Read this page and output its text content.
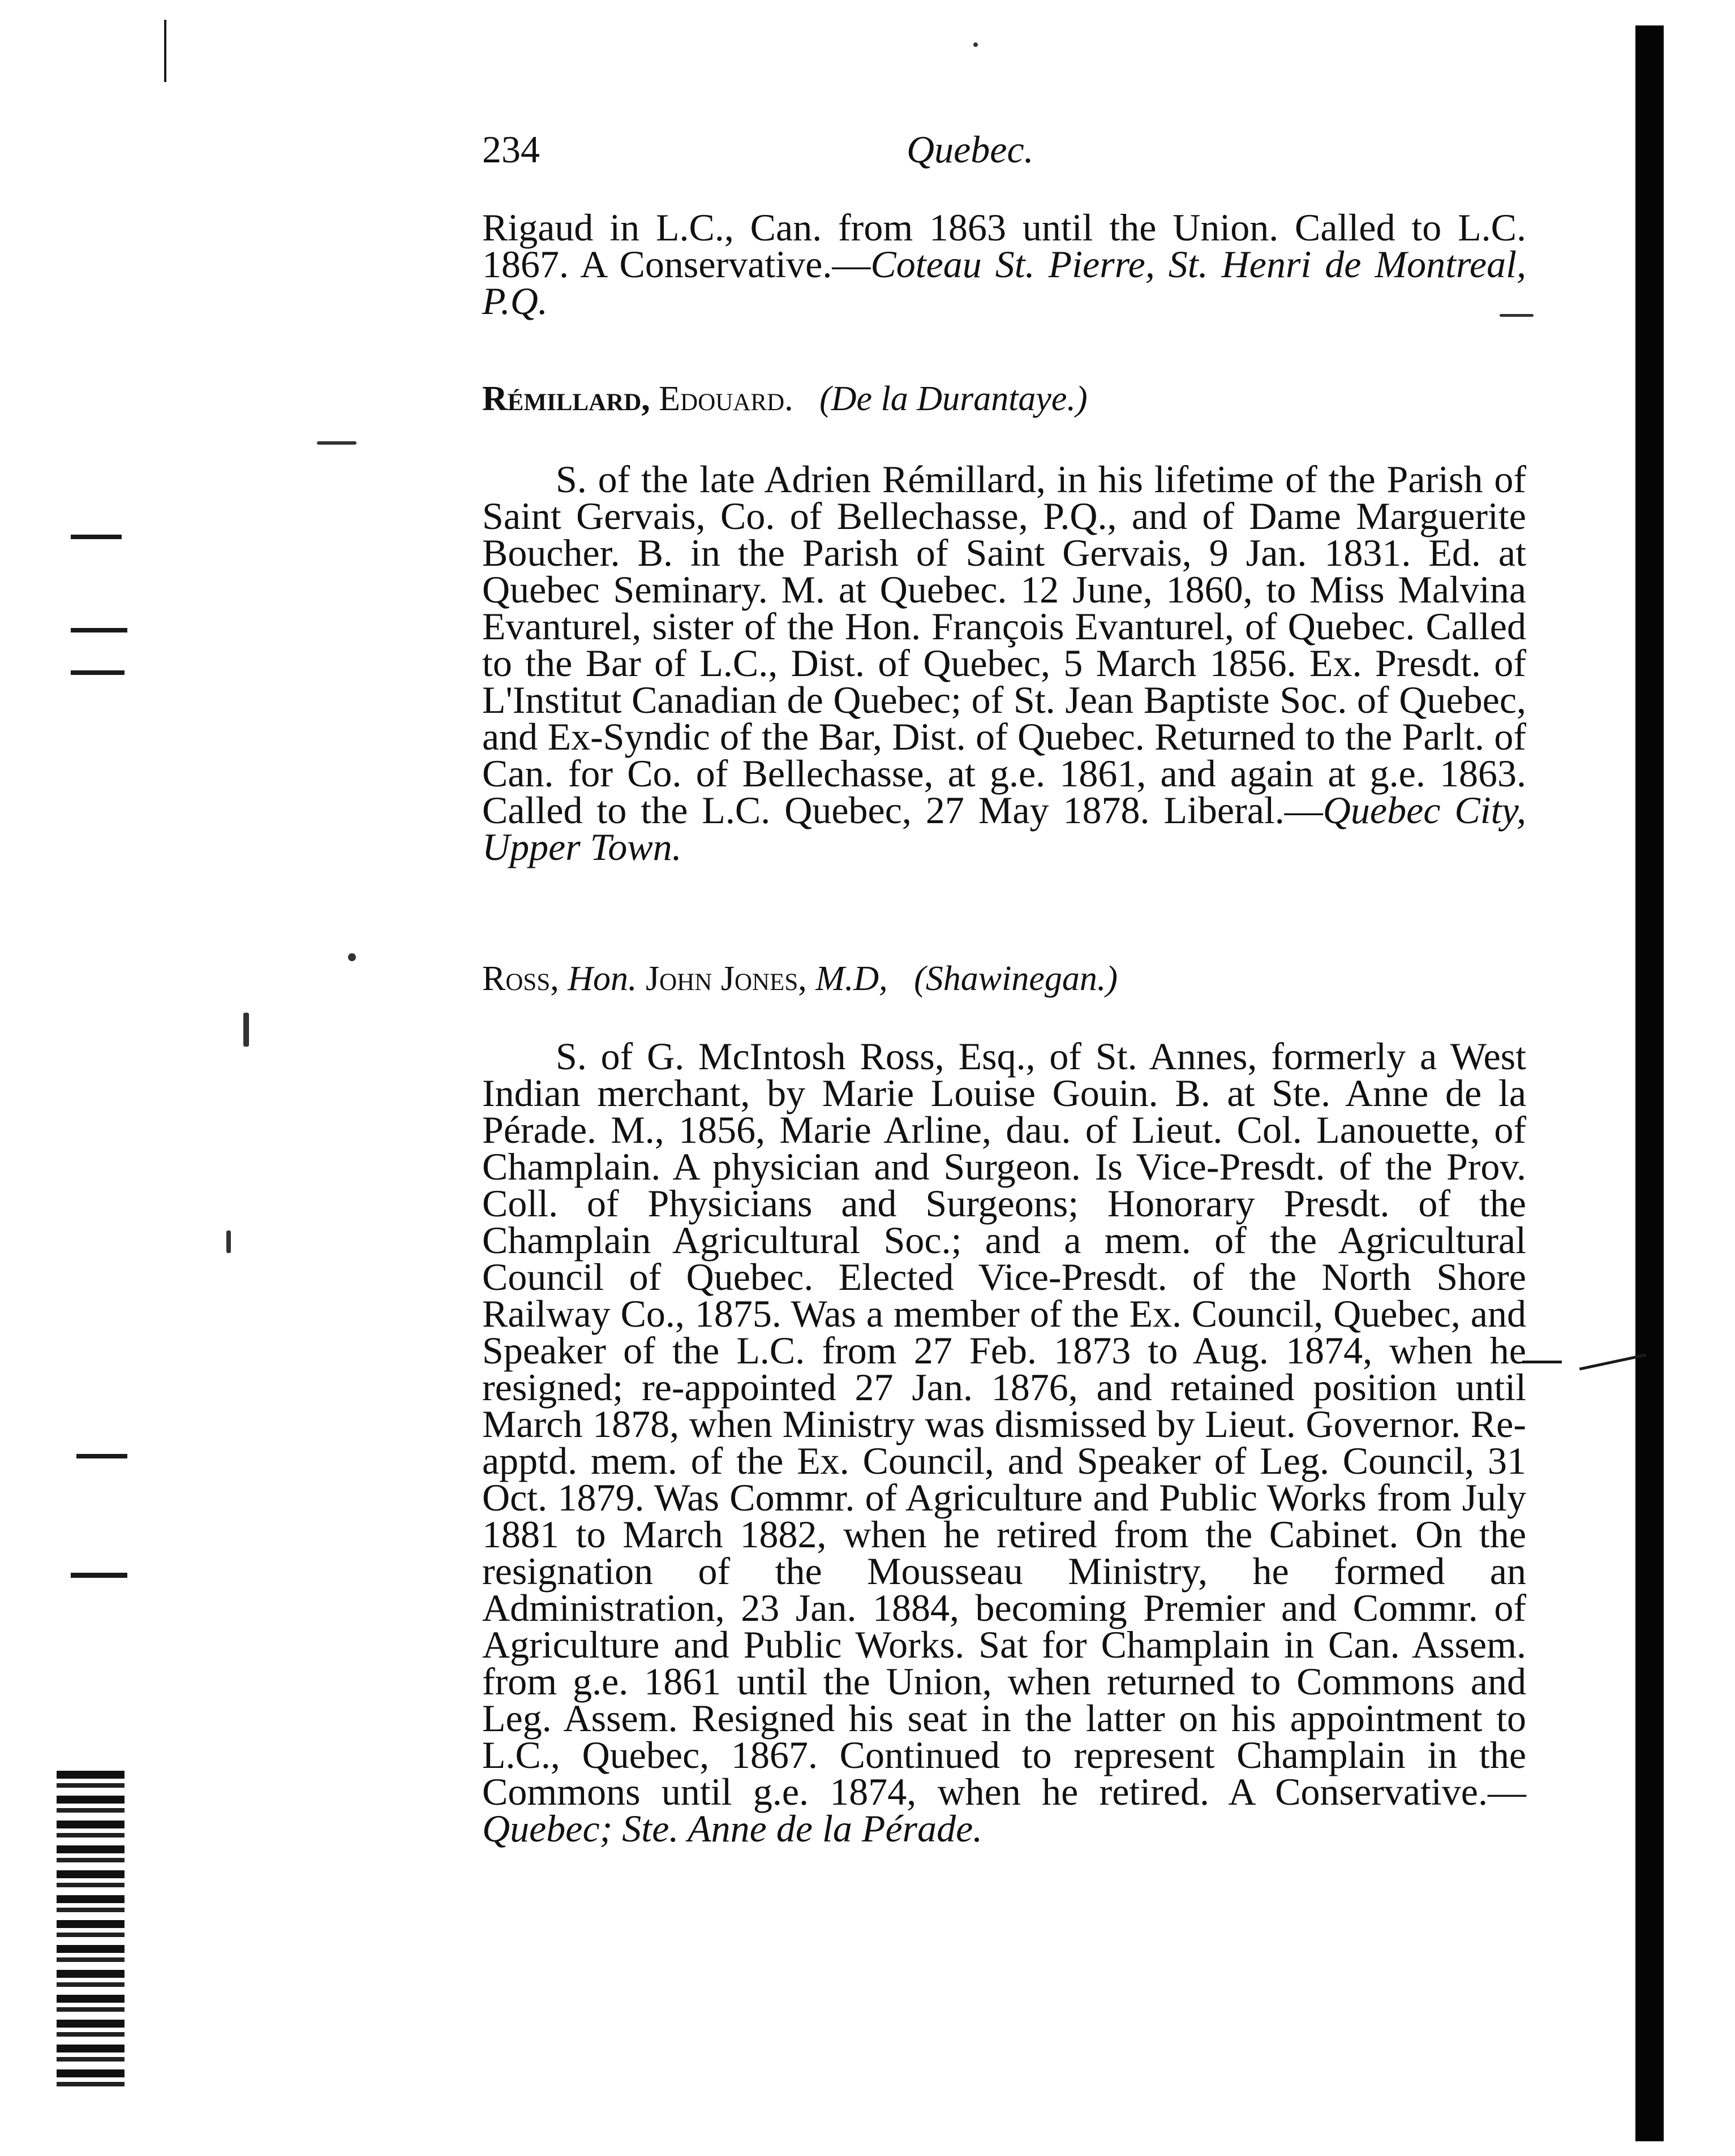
234	Quebec.

Rigaud in L.C., Can. from 1863 until the Union. Called to L.C. 1867. A Conservative.—Coteau St. Pierre, St. Henri de Montreal, P.Q.

Rémillard, Edouard. (De la Durantaye.)

S. of the late Adrien Rémillard, in his lifetime of the Parish of Saint Gervais, Co. of Bellechasse, P.Q., and of Dame Marguerite Boucher. B. in the Parish of Saint Gervais, 9 Jan. 1831. Ed. at Quebec Seminary. M. at Quebec. 12 June, 1860, to Miss Malvina Evanturel, sister of the Hon. François Evanturel, of Quebec. Called to the Bar of L.C., Dist. of Quebec, 5 March 1856. Ex. Presdt. of L'Institut Canadian de Quebec; of St. Jean Baptiste Soc. of Quebec, and Ex-Syndic of the Bar, Dist. of Quebec. Returned to the Parlt. of Can. for Co. of Bellechasse, at g.e. 1861, and again at g.e. 1863. Called to the L.C. Quebec, 27 May 1878. Liberal.—Quebec City, Upper Town.

Ross, Hon. John Jones, M.D, (Shawinegan.)

S. of G. McIntosh Ross, Esq., of St. Annes, formerly a West Indian merchant, by Marie Louise Gouin. B. at Ste. Anne de la Pérade. M., 1856, Marie Arline, dau. of Lieut. Col. Lanouette, of Champlain. A physician and Surgeon. Is Vice-Presdt. of the Prov. Coll. of Physicians and Surgeons; Honorary Presdt. of the Champlain Agricultural Soc.; and a mem. of the Agricultural Council of Quebec. Elected Vice-Presdt. of the North Shore Railway Co., 1875. Was a member of the Ex. Council, Quebec, and Speaker of the L.C. from 27 Feb. 1873 to Aug. 1874, when he resigned; re-appointed 27 Jan. 1876, and retained position until March 1878, when Ministry was dismissed by Lieut. Governor. Re-apptd. mem. of the Ex. Council, and Speaker of Leg. Council, 31 Oct. 1879. Was Commr. of Agriculture and Public Works from July 1881 to March 1882, when he retired from the Cabinet. On the resignation of the Mousseau Ministry, he formed an Administration, 23 Jan. 1884, becoming Premier and Commr. of Agriculture and Public Works. Sat for Champlain in Can. Assem. from g.e. 1861 until the Union, when returned to Commons and Leg. Assem. Resigned his seat in the latter on his appointment to L.C., Quebec, 1867. Continued to represent Champlain in the Commons until g.e. 1874, when he retired. A Conservative.—Quebec; Ste. Anne de la Pérade.
